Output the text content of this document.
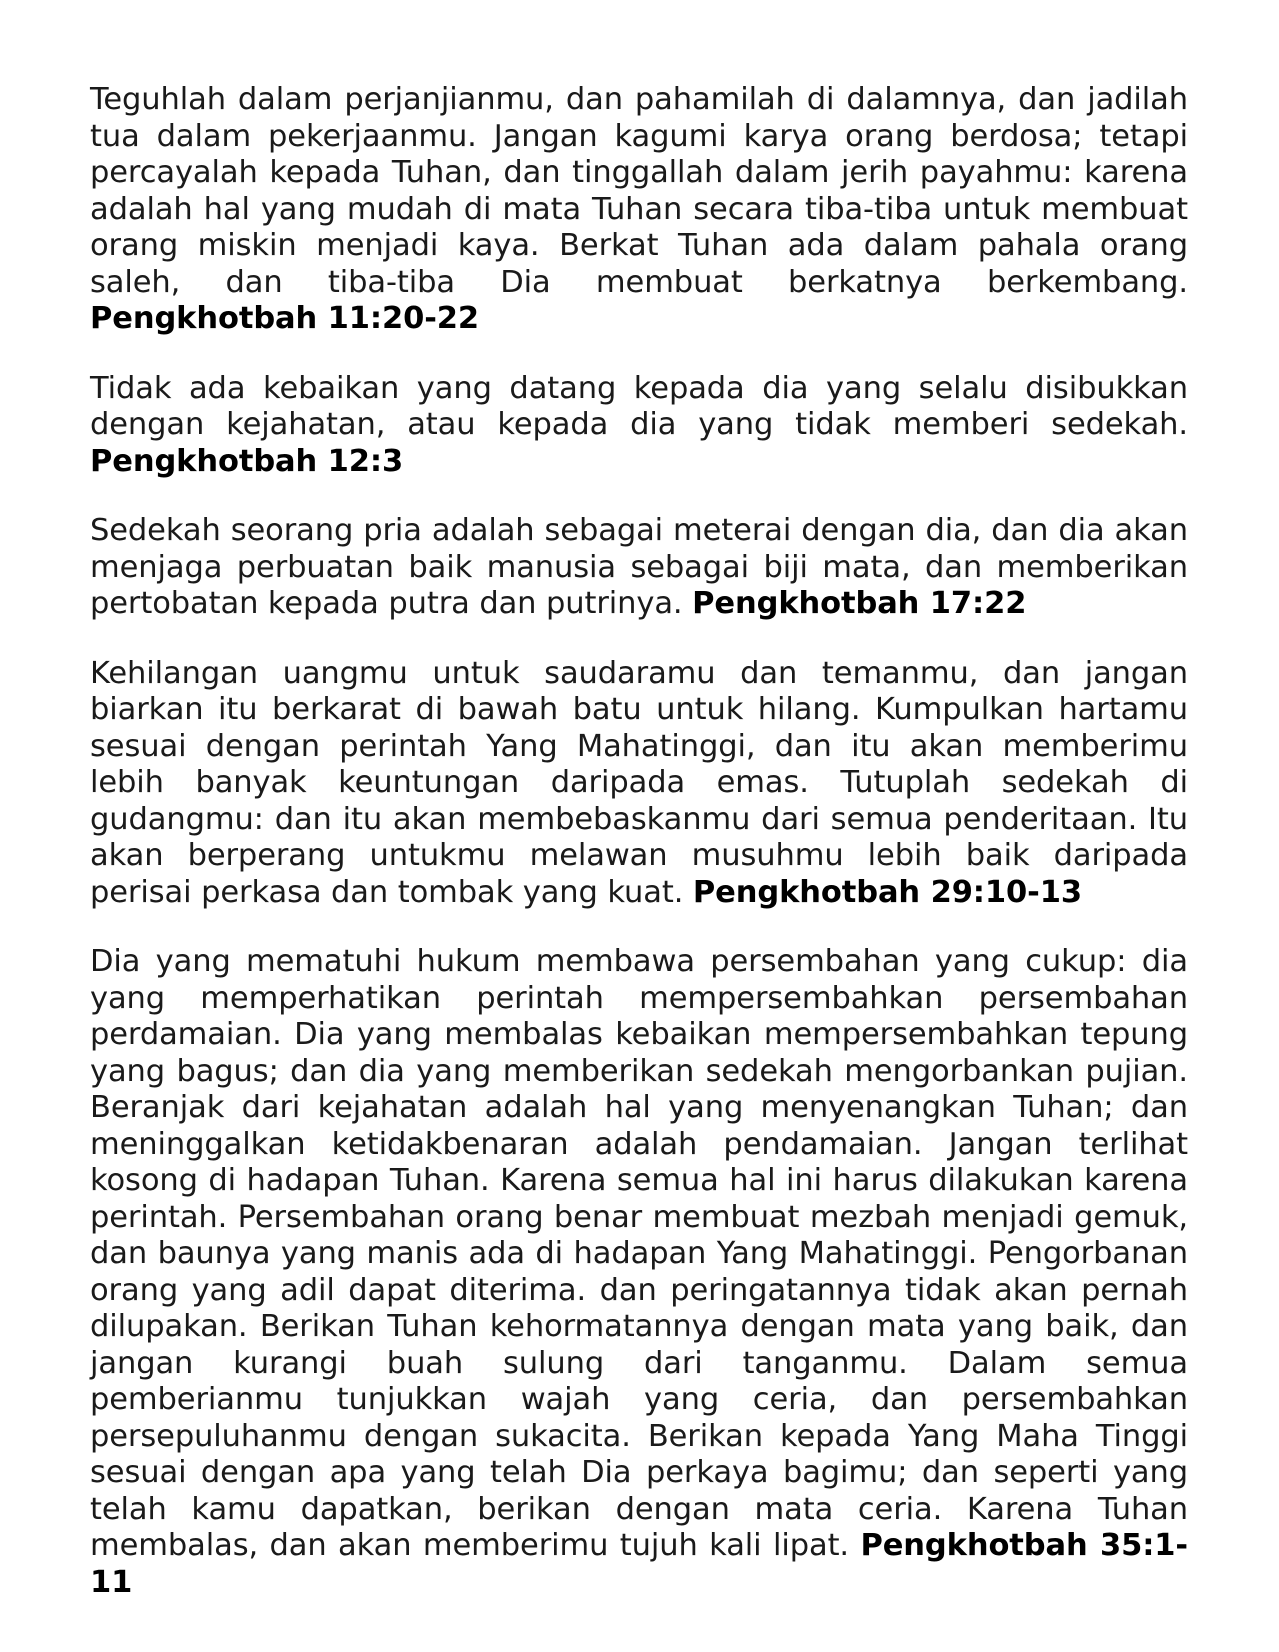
Teguhlah dalam perjanjianmu, dan pahamilah di dalamnya, dan jadilah tua dalam pekerjaanmu. Jangan kagumi karya orang berdosa; tetapi percayalah kepada Tuhan, dan tinggallah dalam jerih payahmu: karena adalah hal yang mudah di mata Tuhan secara tiba-tiba untuk membuat orang miskin menjadi kaya. Berkat Tuhan ada dalam pahala orang saleh, dan tiba-tiba Dia membuat berkatnya berkembang. Pengkhotbah 11:20-22

Tidak ada kebaikan yang datang kepada dia yang selalu disibukkan dengan kejahatan, atau kepada dia yang tidak memberi sedekah. Pengkhotbah 12:3

Sedekah seorang pria adalah sebagai meterai dengan dia, dan dia akan menjaga perbuatan baik manusia sebagai biji mata, dan memberikan pertobatan kepada putra dan putrinya. Pengkhotbah 17:22

Kehilangan uangmu untuk saudaramu dan temanmu, dan jangan biarkan itu berkarat di bawah batu untuk hilang. Kumpulkan hartamu sesuai dengan perintah Yang Mahatinggi, dan itu akan memberimu lebih banyak keuntungan daripada emas. Tutuplah sedekah di gudangmu: dan itu akan membebaskanmu dari semua penderitaan. Itu akan berperang untukmu melawan musuhmu lebih baik daripada perisai perkasa dan tombak yang kuat. Pengkhotbah 29:10-13

Dia yang mematuhi hukum membawa persembahan yang cukup: dia yang memperhatikan perintah mempersembahkan persembahan perdamaian. Dia yang membalas kebaikan mempersembahkan tepung yang bagus; dan dia yang memberikan sedekah mengorbankan pujian. Beranjak dari kejahatan adalah hal yang menyenangkan Tuhan; dan meninggalkan ketidakbenaran adalah pendamaian. Jangan terlihat kosong di hadapan Tuhan. Karena semua hal ini harus dilakukan karena perintah. Persembahan orang benar membuat mezbah menjadi gemuk, dan baunya yang manis ada di hadapan Yang Mahatinggi. Pengorbanan orang yang adil dapat diterima. dan peringatannya tidak akan pernah dilupakan. Berikan Tuhan kehormatannya dengan mata yang baik, dan jangan kurangi buah sulung dari tanganmu. Dalam semua pemberianmu tunjukkan wajah yang ceria, dan persembahkan persepuluhanmu dengan sukacita. Berikan kepada Yang Maha Tinggi sesuai dengan apa yang telah Dia perkaya bagimu; dan seperti yang telah kamu dapatkan, berikan dengan mata ceria. Karena Tuhan membalas, dan akan memberimu tujuh kali lipat. Pengkhotbah 35:1-11
